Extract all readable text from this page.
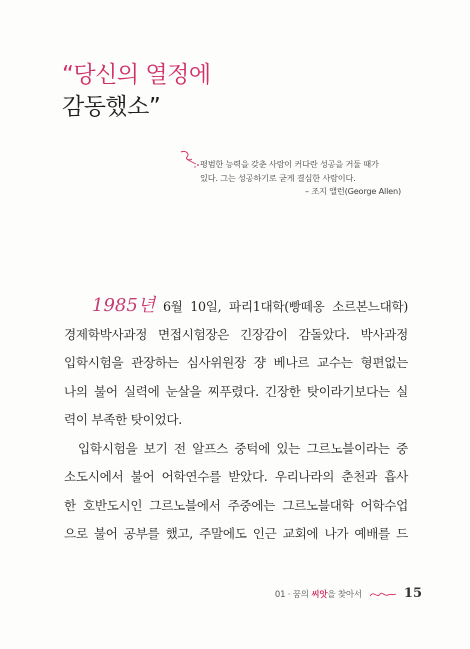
“당신의 열정에
감동했소”

평범한 능력을 갖춘 사람이 커다란 성공을 거둘 때가

있다. 그는 성공하기로 굳게 결심한 사람이다.

– 조지 앨런(George Allen)

1985년 6월 10일, 파리1대학(빵떼옹 소르본느대학)
경제학박사과정 면접시험장은 긴장감이 감돌았다. 박사과정
입학시험을 관장하는 심사위원장 쟝 베나르 교수는 형편없는
나의 불어 실력에 눈살을 찌푸렸다. 긴장한 탓이라기보다는 실
력이 부족한 탓이었다.
입학시험을 보기 전 알프스 중턱에 있는 그르노블이라는 중
소도시에서 불어 어학연수를 받았다. 우리나라의 춘천과 흡사
한 호반도시인 그르노블에서 주중에는 그르노블대학 어학수업
으로 불어 공부를 했고, 주말에도 인근 교회에 나가 예배를 드
01 · 꿈의 씨앗을 찾아서	15
